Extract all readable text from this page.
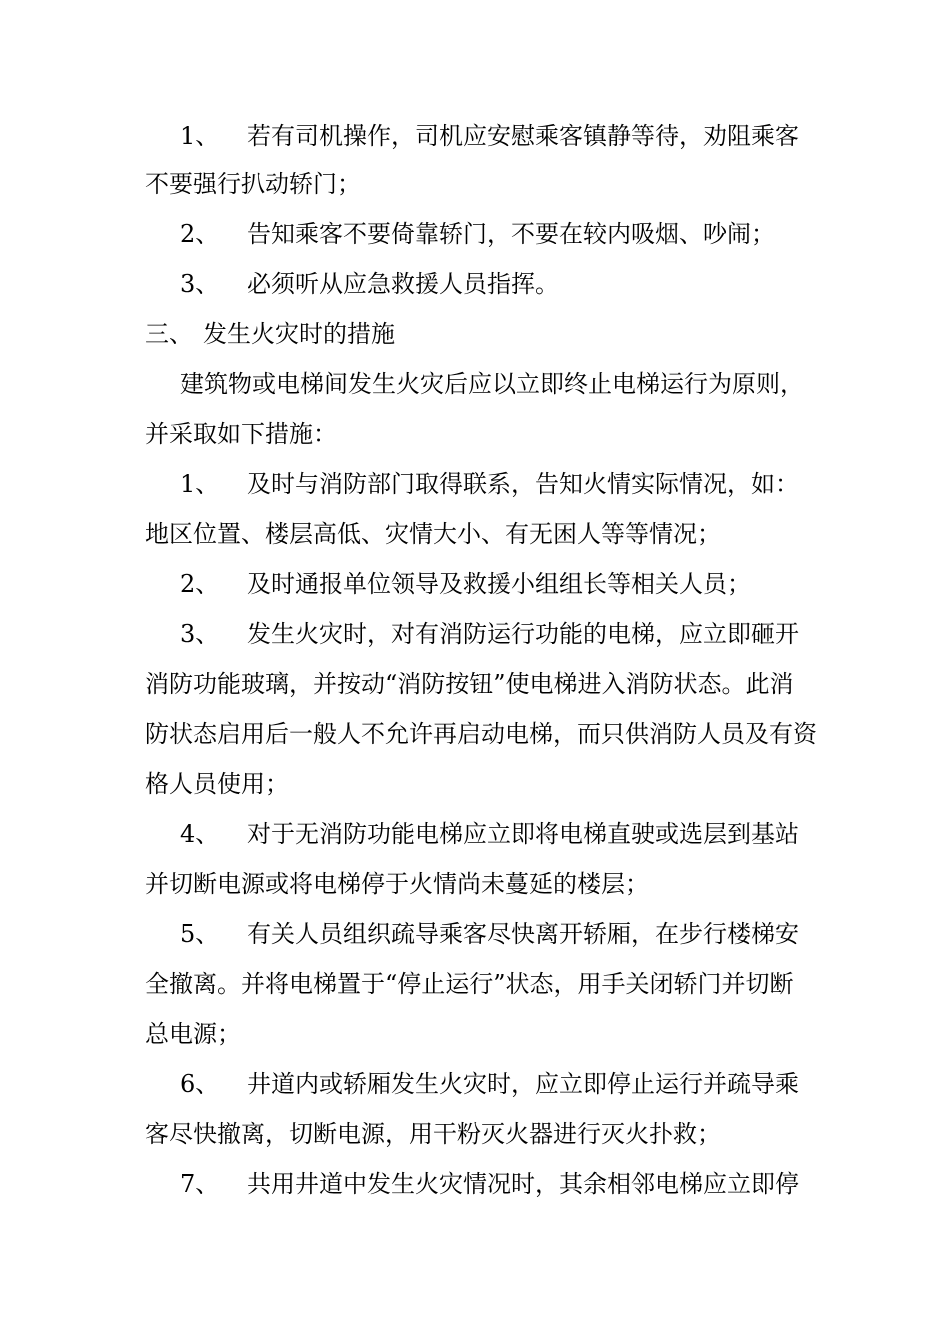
1、 若有司机操作，司机应安慰乘客镇静等待，劝阻乘客
不要强行扒动轿门；
2、 告知乘客不要倚靠轿门，不要在较内吸烟、吵闹；
3、 必须听从应急救援人员指挥。
三、 发生火灾时的措施
建筑物或电梯间发生火灾后应以立即终止电梯运行为原则，
并采取如下措施：
1、 及时与消防部门取得联系，告知火情实际情况，如：
地区位置、楼层高低、灾情大小、有无困人等等情况；
2、 及时通报单位领导及救援小组组长等相关人员；
3、 发生火灾时，对有消防运行功能的电梯，应立即砸开
消防功能玻璃，并按动“消防按钮”使电梯进入消防状态。此消
防状态启用后一般人不允许再启动电梯，而只供消防人员及有资
格人员使用；
4、 对于无消防功能电梯应立即将电梯直驶或选层到基站
并切断电源或将电梯停于火情尚未蔓延的楼层；
5、 有关人员组织疏导乘客尽快离开轿厢，在步行楼梯安
全撤离。并将电梯置于“停止运行”状态，用手关闭轿门并切断
总电源；
6、 井道内或轿厢发生火灾时，应立即停止运行并疏导乘
客尽快撤离，切断电源，用干粉灭火器进行灭火扑救；
7、 共用井道中发生火灾情况时，其余相邻电梯应立即停
